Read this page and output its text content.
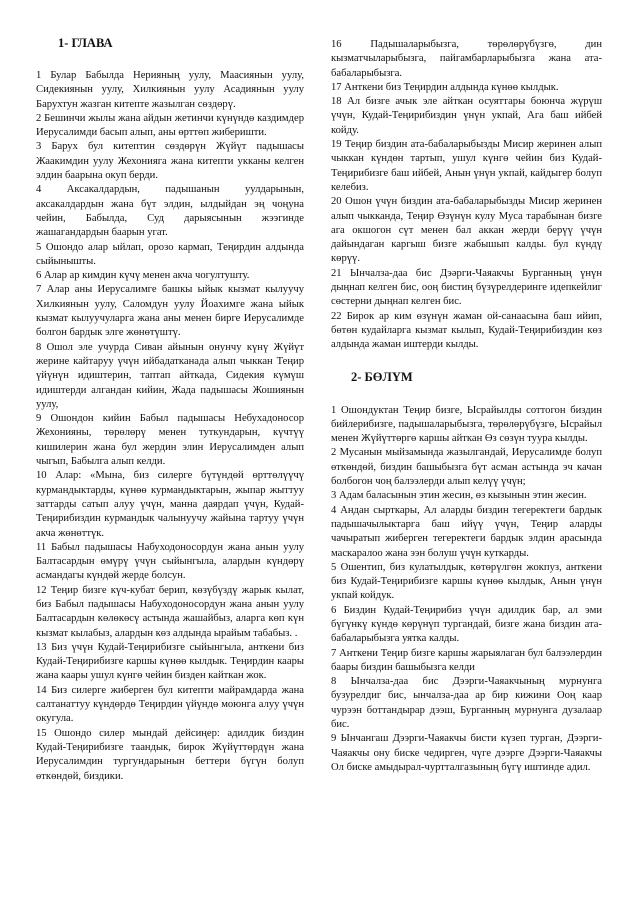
1- ГЛАВА

1 Булар Бабылда Нерияның уулу, Маасиянын уулу, Сидекиянын уулу, Хилкиянын уулу Асадиянын уулу Барухтун жазган китепте жазылган сөздөрү.

2 Бешинчи жылы жана айдын жетинчи күнүндө каздимдер Иерусалимди басып алып, аны өрттөп жиберишти.

3 Барух бул китептин сөздөрүн Жүйүт падышасы Жаакимдин уулу Жехонияга жана китепти укканы келген элдин баарына окуп берди.

4 Аксакалдардын, падышанын уулдарынын, аксакалдардын жана бүт элдин, ылдыйдан эң чоңуна чейин, Бабылда, Суд дарыясынын жээгинде жашагандардын баарын угат.

5 Ошондо алар ыйлап, орозо кармап, Теңирдин алдында сыйынышты.

6 Алар ар кимдин күчү менен акча чогултушту.

7 Алар аны Иерусалимге башкы ыйык кызмат кылуучу Хилкиянын уулу, Саломдун уулу Йоахимге жана ыйык кызмат кылуучуларга жана аны менен бирге Иерусалимде болгон бардык элге жөнөтүштү.

8 Ошол эле учурда Сиван айынын онунчу күнү Жүйүт жерине кайтаруу үчүн ийбадатканада алып чыккан Теңир үйүнүн идиштерин, таптап айткада, Сидекия күмүш идиштерди алгандан кийин, Жада падышасы Жошиянын уулу,

9 Ошондон кийин Бабыл падышасы Небухадоносор Жехонияны, төрөлөрү менен туткундарын, күчтүү кишилерин жана бул жердин элин Иерусалимден алып чыгып, Бабылга алып келди.

10 Алар: «Мына, биз силерге бүтүндөй өрттөлүүчү курмандыктарды, күнөө курмандыктарын, жыпар жыттуу заттарды сатып алуу үчүн, манна даярдап үчүн, Кудай-Теңирибиздин курмандык чалынуучу жайына тартуу үчүн акча жөнөттүк.

11 Бабыл падышасы Набуходоносордун жана анын уулу Балтасардын өмүрү үчүн сыйынгыла, алардын күндөрү асмандагы күндөй жерде болсун.

12 Теңир бизге күч-кубат берип, көзүбүздү жарык кылат, биз Бабыл падышасы Набуходоносордун жана анын уулу Балтасардын көлөкөсү астында жашайбыз, аларга көп күн кызмат кылабыз, алардын көз алдында ырайым табабыз. .

13 Биз үчүн Кудай-Теңирибизге сыйынгыла, анткени биз Кудай-Теңирибизге каршы күнөө кылдык. Теңирдин каары жана каары ушул күнгө чейин бизден кайткан жок.

14 Биз силерге жиберген бул китепти майрамдарда жана салтанаттуу күндөрдө Теңирдин үйүндө моюнга алуу үчүн окугула.

15 Ошондо силер мындай дейсиңер: адилдик биздин Кудай-Теңирибизге таандык, бирок Жүйүттөрдүн жана Иерусалимдин тургундарынын беттери бүгүн болуп өткөндөй, биздики.

16 Падышаларыбызга, төрөлөрүбүзгө, дин кызматчыларыбызга, пайгамбарларыбызга жана ата-бабаларыбызга.

17 Анткени биз Теңирдин алдында күнөө кылдык.

18 Ал бизге ачык эле айткан осуяттары боюнча жүрүш үчүн, Кудай-Теңирибиздин үнүн укпай, Ага баш ийбей койду.

19 Теңир биздин ата-бабаларыбызды Мисир жеринен алып чыккан күндөн тартып, ушул күнгө чейин биз Кудай-Теңирибизге баш ийбей, Анын үнүн укпай, кайдыгер болуп келебиз.

20 Ошон үчүн биздин ата-бабаларыбызды Мисир жеринен алып чыкканда, Теңир Өзүнүн кулу Муса тарабынан бизге ага окшогон сүт менен бал аккан жерди берүү үчүн дайындаган каргыш бизге жабышып калды. бул күндү көрүү.

21 Ынчалза-даа бис Дэәрги-Чаяакчы Бурганның үнүн дыңнап келген бис, ооң бистиң бүзүрелдеринге идепкейлиг сөстерни дыңнап келген бис.

22 Бирок ар ким өзүнүн жаман ой-санаасына баш ийип, бөтөн кудайларга кызмат кылып, Кудай-Теңирибиздин көз алдында жаман иштерди кылды.

2- БӨЛҮМ

1 Ошондуктан Теңир бизге, Ысрайылды соттогон биздин бийлерибизге, падышаларыбызга, төрөлөрүбүзгө, Ысрайыл менен Жүйүттөргө каршы айткан Өз сөзүн туура кылды.

2 Мусанын мыйзамында жазылгандай, Иерусалимде болуп өткөндөй, биздин башыбызга бүт асман астында эч качан болбогон чоң балээлерди алып келүү үчүн;

3 Адам баласынын этин жесин, өз кызынын этин жесин.

4 Андан сырткары, Ал аларды биздин тегеректеги бардык падышачылыктарга баш ийүү үчүн, Теңир аларды чачыратып жиберген тегеректеги бардык элдин арасында маскаралоо жана ээн болуш үчүн куткарды.

5 Ошентип, биз кулатылдык, көтөрүлгөн жокпуз, анткени биз Кудай-Теңирибизге каршы күнөө кылдык, Анын үнүн укпай койдук.

6 Биздин Кудай-Теңирибиз үчүн адилдик бар, ал эми бүгүнкү күндө көрүнүп тургандай, бизге жана биздин ата-бабаларыбызга уятка калды.

7 Анткени Теңир бизге каршы жарыялаган бул балээлердин баары биздин башыбызга келди

8 Ынчалза-даа бис Дээрги-Чаяакчының мурнунга бузурелдиг бис, ынчалза-даа ар бир кижини Ооң каар чурээн боттандырар дээш, Бурганның мурнунга дузалаар бис.

9 Ынчангаш Дээрги-Чаяакчы бисти күзеп турган, Дээрги-Чаяакчы ону биске чедирген, чүге дээрге Дээрги-Чаяакчы Ол биске амыдырал-чуртталгазының бүгү иштинде адил.
